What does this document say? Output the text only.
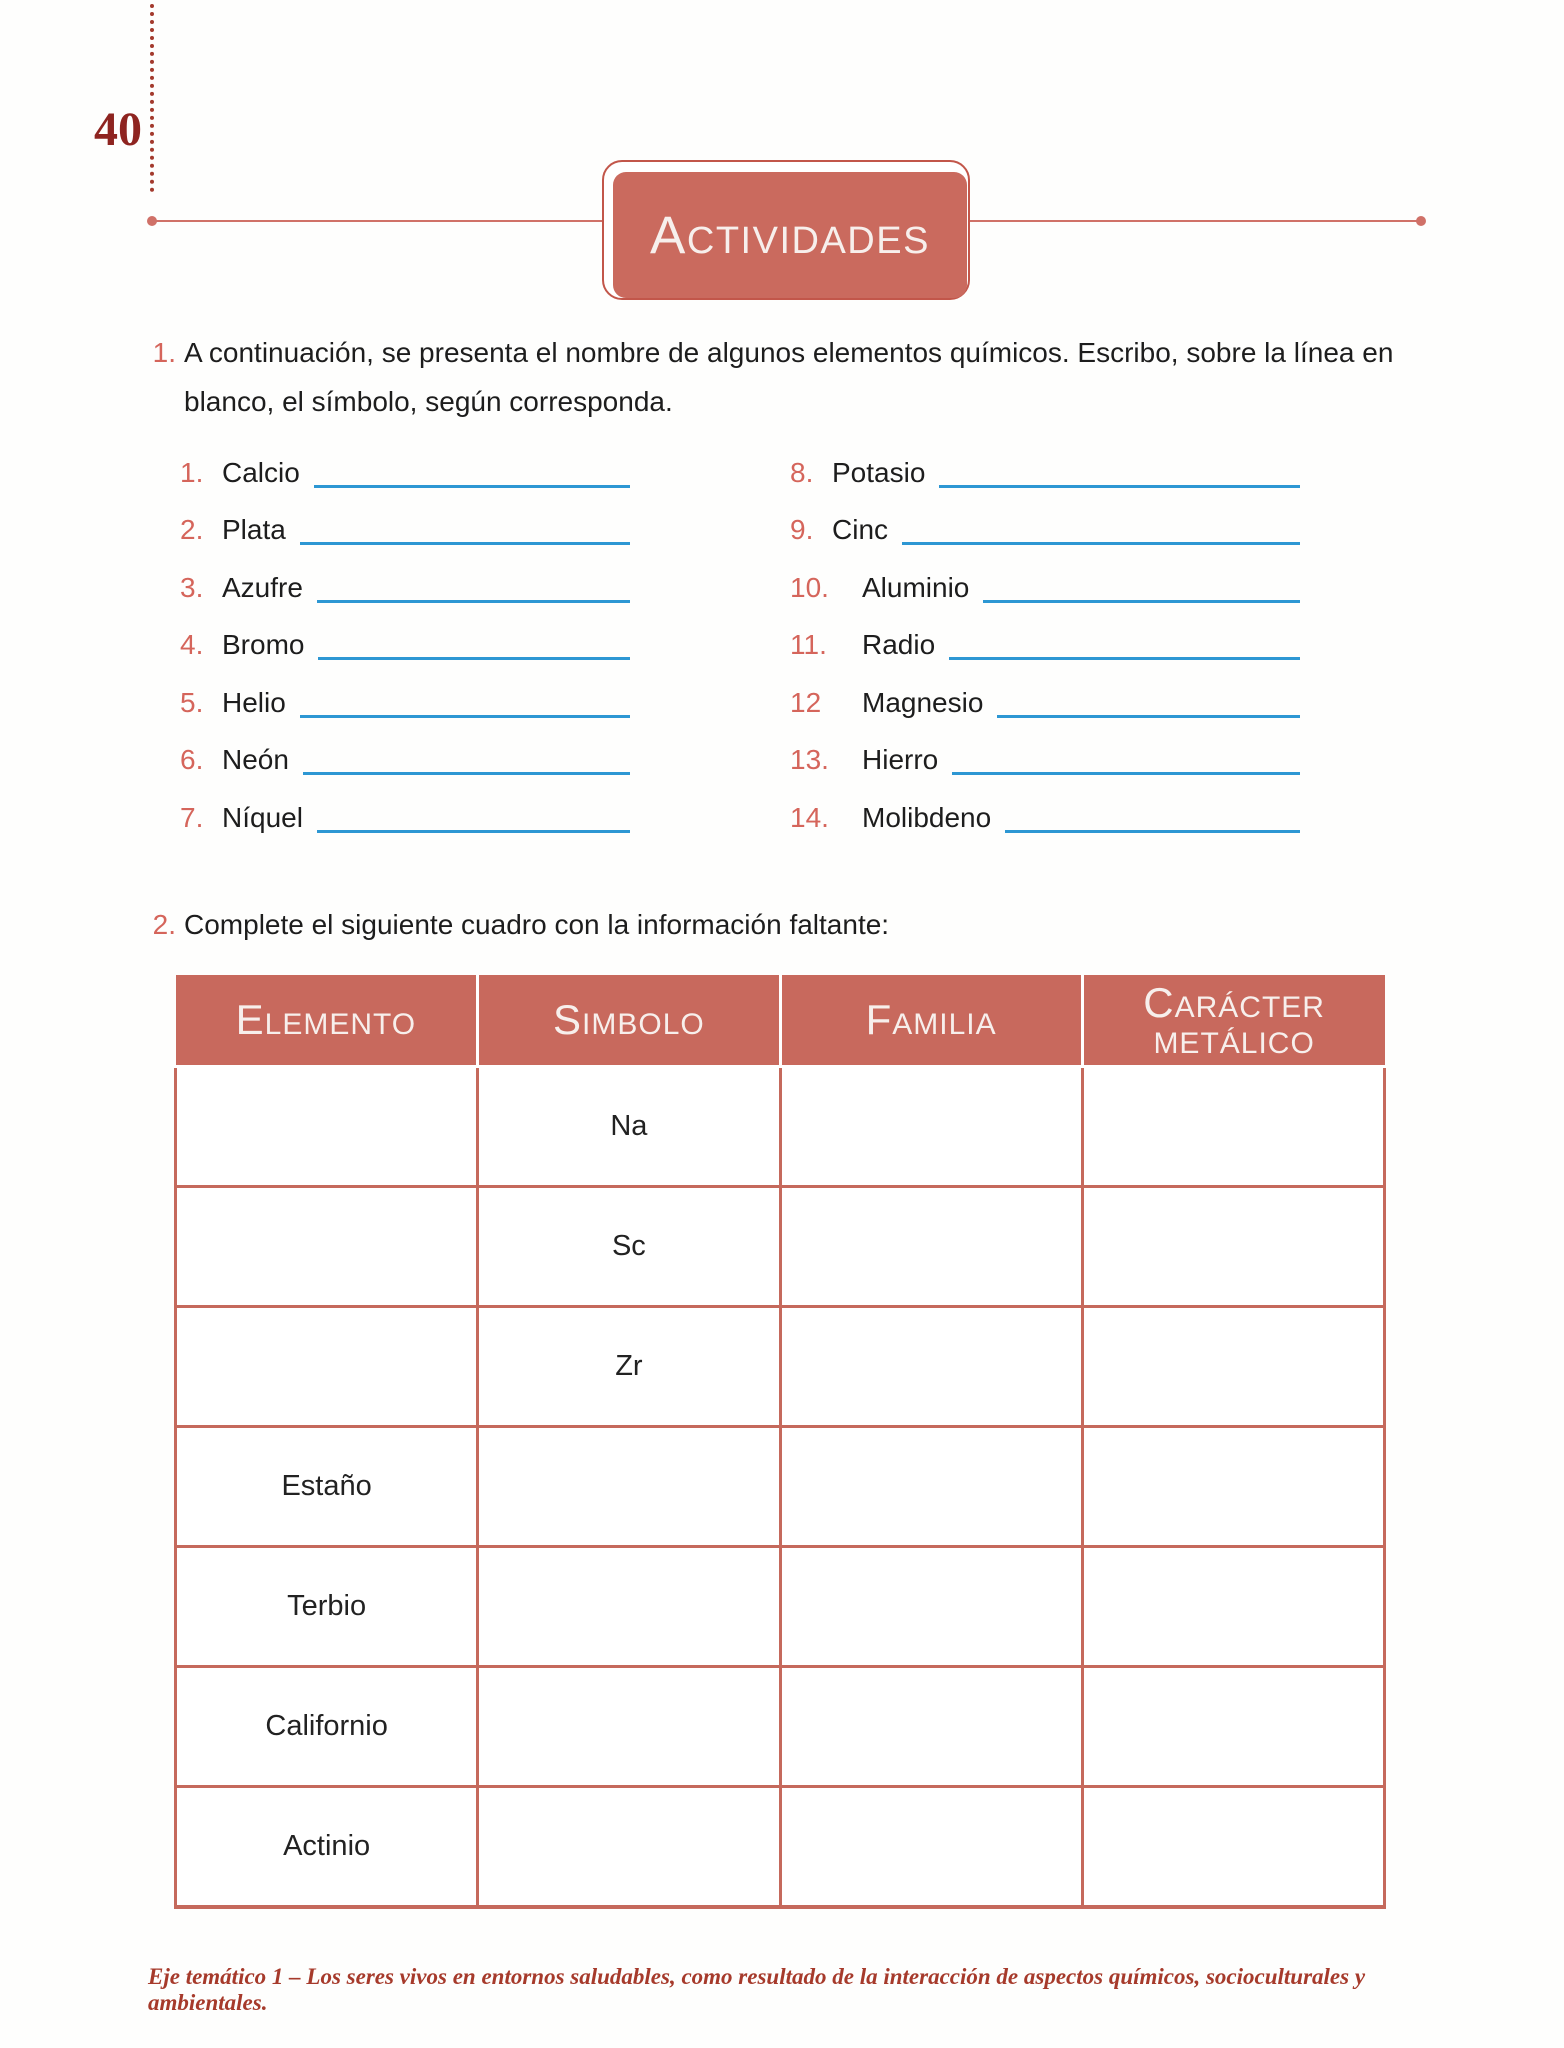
40
ACTIVIDADES
1. A continuación, se presenta el nombre de algunos elementos químicos. Escribo, sobre la línea en blanco, el símbolo, según corresponda.
1. Calcio
2. Plata
3. Azufre
4. Bromo
5. Helio
6. Neón
7. Níquel
8. Potasio
9. Cinc
10.	Aluminio
11.	Radio
12	Magnesio
13.	Hierro
14.	Molibdeno
2. Complete el siguiente cuadro con la información faltante:
ELEMENTO	SIMBOLO	FAMILIA	CARÁCTER
METÁLICO

	Na		
	Sc		
	Zr		
Estaño			
Terbio			
Californio			
Actinio			
Eje temático 1 – Los seres vivos en entornos saludables, como resultado de la interacción de aspectos químicos, socioculturales y ambientales.
